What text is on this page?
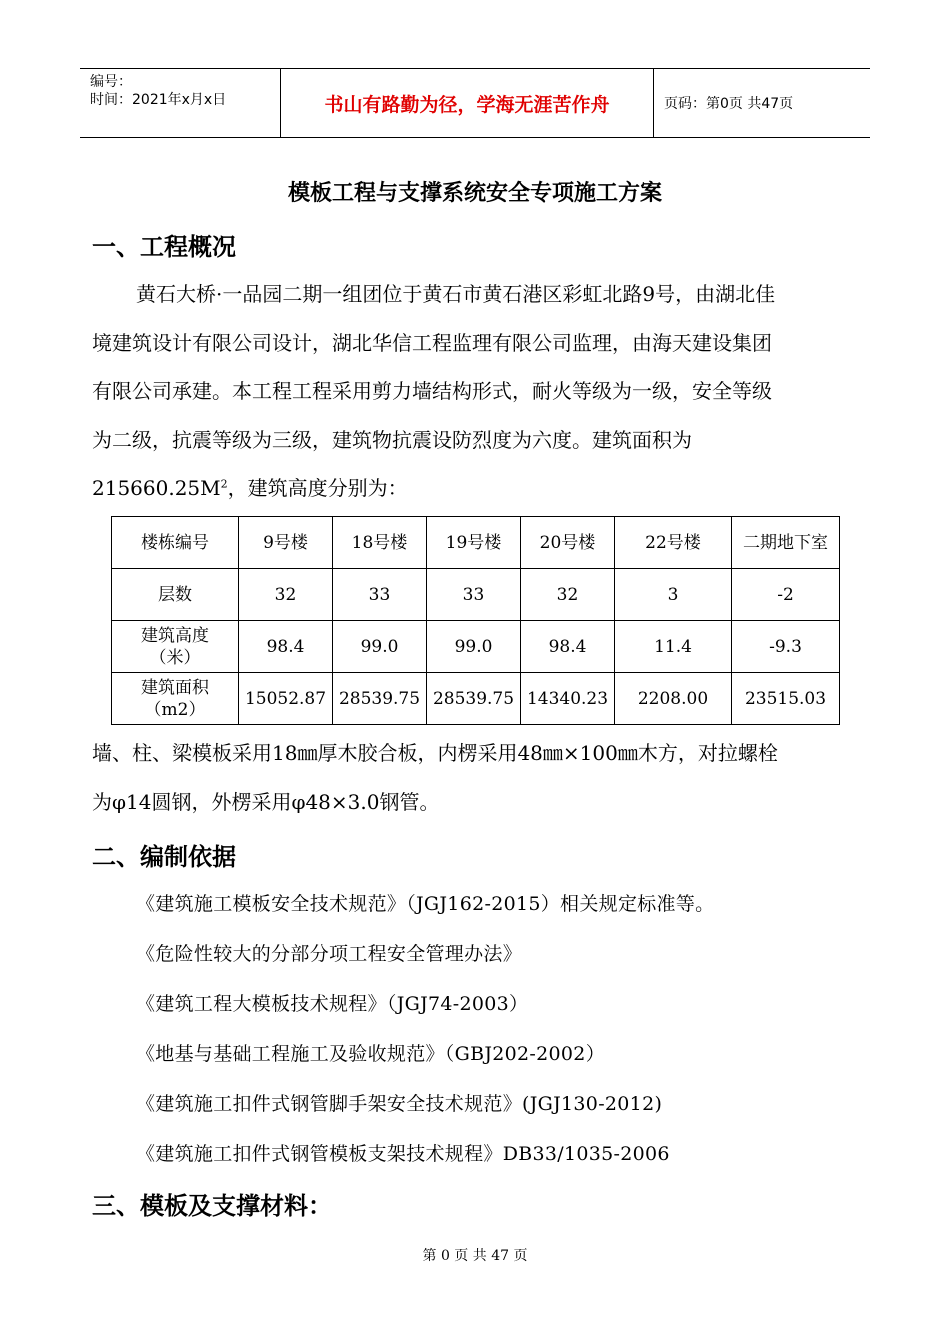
编号：
时间：2021年x月x日	书山有路勤为径，学海无涯苦作舟	页码：第0页 共47页
模板工程与支撑系统安全专项施工方案
一、工程概况
黄石大桥·一品园二期一组团位于黄石市黄石港区彩虹北路9号，由湖北佳
境建筑设计有限公司设计，湖北华信工程监理有限公司监理，由海天建设集团
有限公司承建。本工程工程采用剪力墙结构形式，耐火等级为一级，安全等级
为二级，抗震等级为三级，建筑物抗震设防烈度为六度。建筑面积为
$215660.25M^2$，建筑高度分别为：
楼栋编号	9号楼	18号楼	19号楼	20号楼	22号楼	二期地下室
层数	32	33	33	32	3	-2
建筑高度（米）	98.4	99.0	99.0	98.4	11.4	-9.3
建筑面积（m2）	15052.87	28539.75	28539.75	14340.23	2208.00	23515.03
墙、柱、梁模板采用18㎜厚木胶合板，内楞采用48㎜×100㎜木方，对拉螺栓
为φ14圆钢，外楞采用φ48×3.0钢管。
二、编制依据
《建筑施工模板安全技术规范》（JGJ162-2015）相关规定标准等。
《危险性较大的分部分项工程安全管理办法》
《建筑工程大模板技术规程》（JGJ74-2003）
《地基与基础工程施工及验收规范》（GBJ202-2002）
《建筑施工扣件式钢管脚手架安全技术规范》(JGJ130-2012)
《建筑施工扣件式钢管模板支架技术规程》DB33/1035-2006
三、模板及支撑材料：
第 0 页 共 47 页
